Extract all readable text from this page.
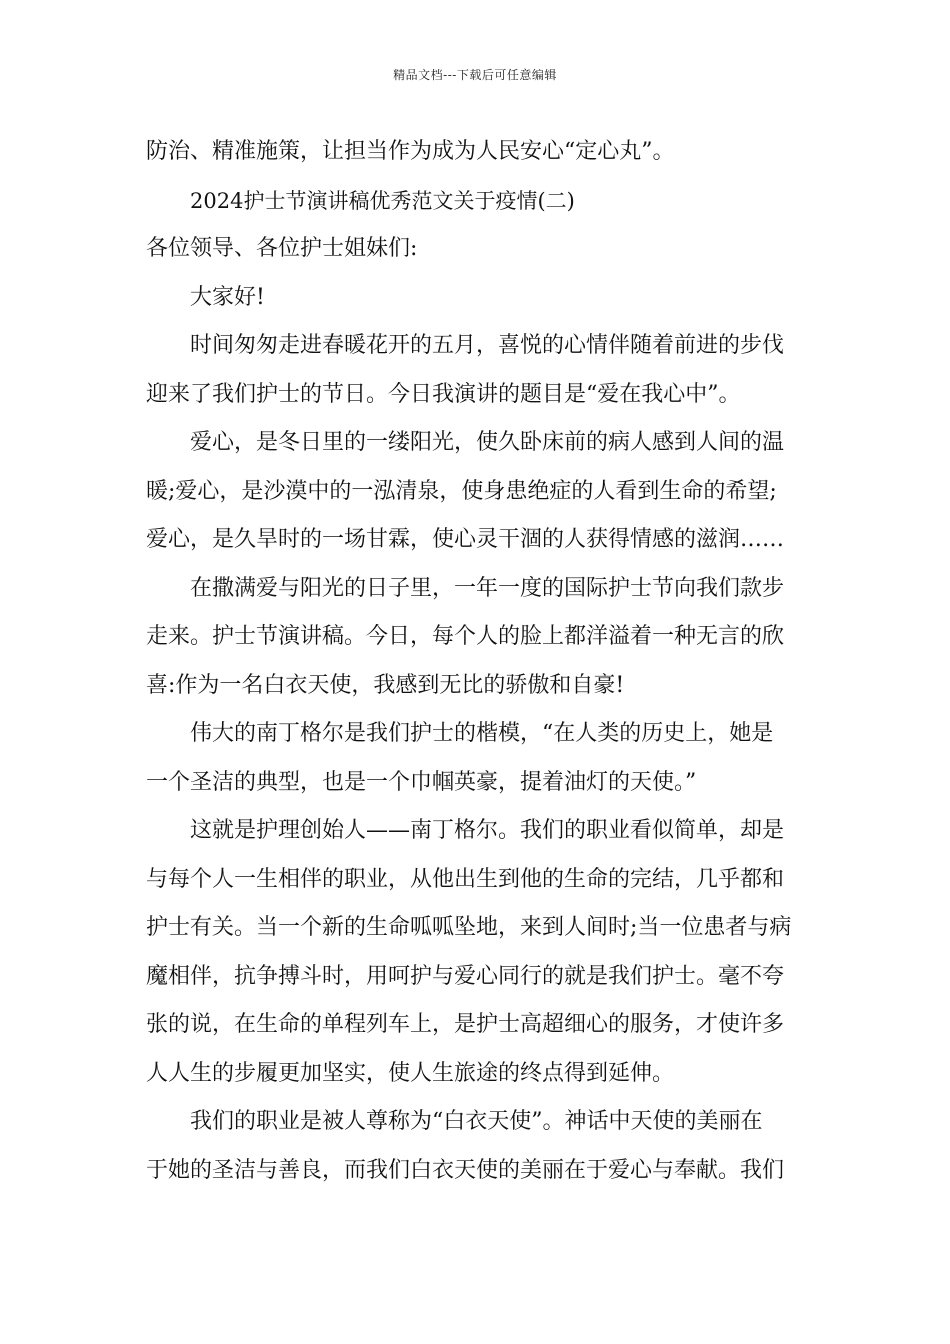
精品文档---下载后可任意编辑
防治、精准施策，让担当作为成为人民安心“定心丸”。
2024护士节演讲稿优秀范文关于疫情(二)
各位领导、各位护士姐妹们:
大家好!
时间匆匆走进春暖花开的五月，喜悦的心情伴随着前进的步伐
迎来了我们护士的节日。今日我演讲的题目是“爱在我心中”。
爱心，是冬日里的一缕阳光，使久卧床前的病人感到人间的温
暖;爱心，是沙漠中的一泓清泉，使身患绝症的人看到生命的希望;
爱心，是久旱时的一场甘霖，使心灵干涸的人获得情感的滋润……
在撒满爱与阳光的日子里，一年一度的国际护士节向我们款步
走来。护士节演讲稿。今日，每个人的脸上都洋溢着一种无言的欣
喜:作为一名白衣天使，我感到无比的骄傲和自豪!
伟大的南丁格尔是我们护士的楷模，“在人类的历史上，她是
一个圣洁的典型，也是一个巾帼英豪，提着油灯的天使。”
这就是护理创始人——南丁格尔。我们的职业看似简单，却是
与每个人一生相伴的职业，从他出生到他的生命的完结，几乎都和
护士有关。当一个新的生命呱呱坠地，来到人间时;当一位患者与病
魔相伴，抗争搏斗时，用呵护与爱心同行的就是我们护士。毫不夸
张的说，在生命的单程列车上，是护士高超细心的服务，才使许多
人人生的步履更加坚实，使人生旅途的终点得到延伸。
我们的职业是被人尊称为“白衣天使”。神话中天使的美丽在
于她的圣洁与善良，而我们白衣天使的美丽在于爱心与奉献。我们
